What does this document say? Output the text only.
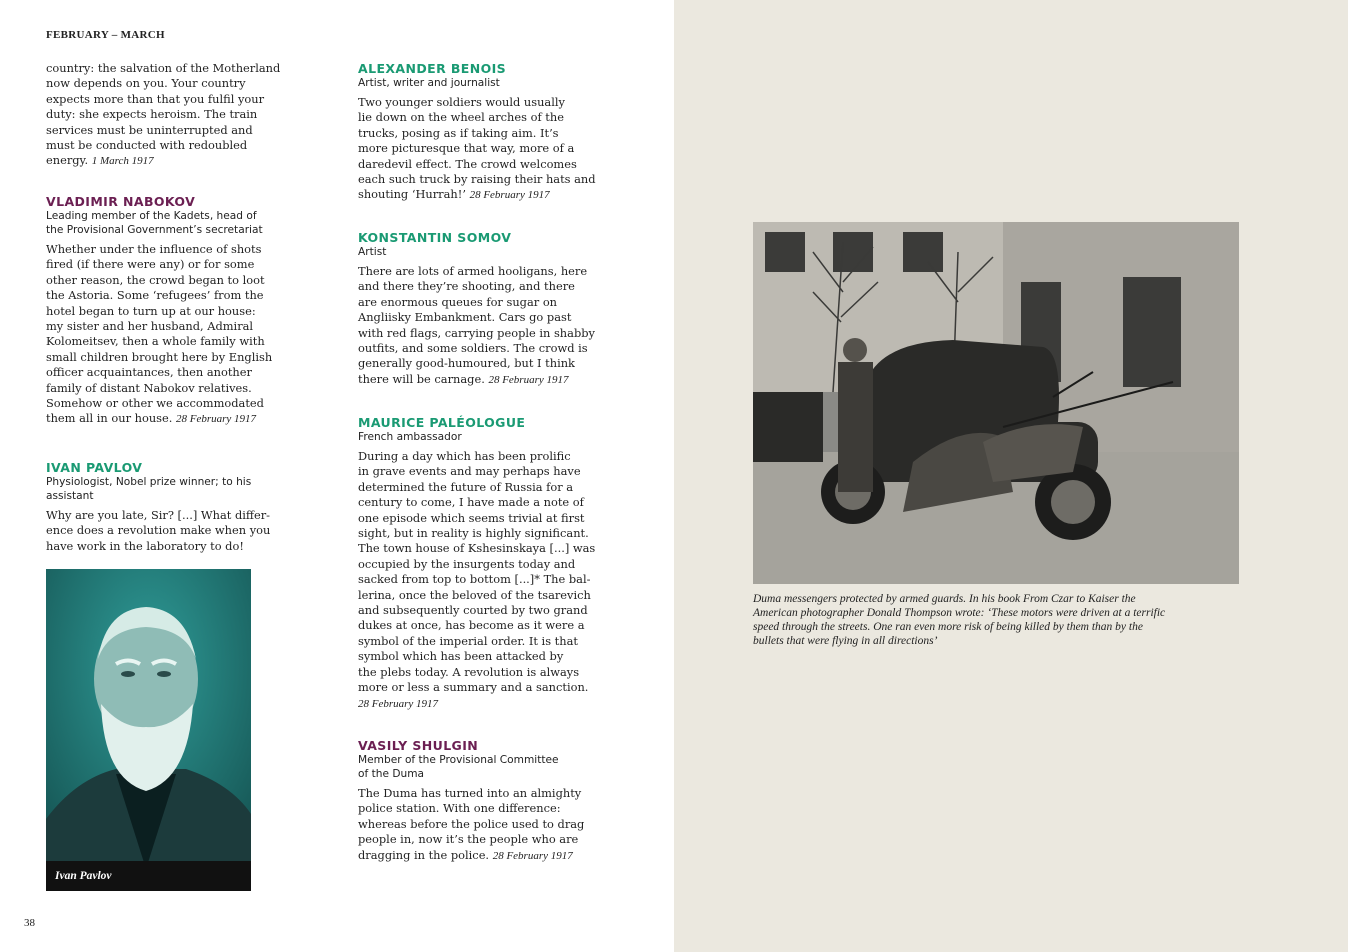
FEBRUARY – MARCH
country: the salvation of the Motherland
now depends on you. Your country
expects more than that you fulfil your
duty: she expects heroism. The train
services must be uninterrupted and
must be conducted with redoubled
energy. 1 March 1917
VLADIMIR NABOKOV
Leading member of the Kadets, head of
the Provisional Government’s secretariat
Whether under the influence of shots
fired (if there were any) or for some
other reason, the crowd began to loot
the Astoria. Some ‘refugees’ from the
hotel began to turn up at our house:
my sister and her husband, Admiral
Kolomeitsev, then a whole family with
small children brought here by English
officer acquaintances, then another
family of distant Nabokov relatives.
Somehow or other we accommodated
them all in our house. 28 February 1917
IVAN PAVLOV
Physiologist, Nobel prize winner; to his
assistant
Why are you late, Sir? [...] What differ-
ence does a revolution make when you
have work in the laboratory to do!
Ivan Pavlov
ALEXANDER BENOIS
Artist, writer and journalist
Two younger soldiers would usually
lie down on the wheel arches of the
trucks, posing as if taking aim. It’s
more picturesque that way, more of a
daredevil effect. The crowd welcomes
each such truck by raising their hats and
shouting ‘Hurrah!’ 28 February 1917
KONSTANTIN SOMOV
Artist
There are lots of armed hooligans, here
and there they’re shooting, and there
are enormous queues for sugar on
Angliisky Embankment. Cars go past
with red flags, carrying people in shabby
outfits, and some soldiers. The crowd is
generally good-humoured, but I think
there will be carnage. 28 February 1917
MAURICE PALÉOLOGUE
French ambassador
During a day which has been prolific
in grave events and may perhaps have
determined the future of Russia for a
century to come, I have made a note of
one episode which seems trivial at first
sight, but in reality is highly significant.
The town house of Kshesinskaya [...] was
occupied by the insurgents today and
sacked from top to bottom [...]* The bal-
lerina, once the beloved of the tsarevich
and subsequently courted by two grand
dukes at once, has become as it were a
symbol of the imperial order. It is that
symbol which has been attacked by
the plebs today. A revolution is always
more or less a summary and a sanction.
28 February 1917
VASILY SHULGIN
Member of the Provisional Committee
of the Duma
The Duma has turned into an almighty
police station. With one difference:
whereas before the police used to drag
people in, now it’s the people who are
dragging in the police. 28 February 1917
Duma messengers protected by armed guards. In his book From Czar to Kaiser the American photographer Donald Thompson wrote: ‘These motors were driven at a terrific speed through the streets. One ran even more risk of being killed by them than by the bullets that were flying in all directions’
38
